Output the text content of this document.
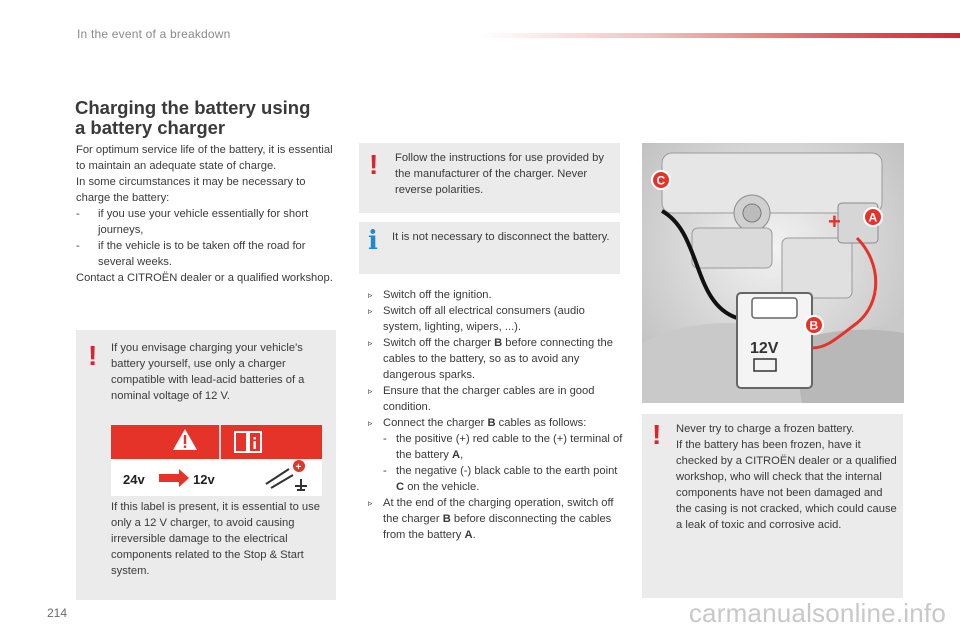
In the event of a breakdown
Charging the battery using
a battery charger

For optimum service life of the battery, it is essential to maintain an adequate state of charge.

In some circumstances it may be necessary to charge the battery:

-	if you use your vehicle essentially for short journeys,
-	if the vehicle is to be taken off the road for several weeks.

Contact a CITROËN dealer or a qualified workshop.

! If you envisage charging your vehicle's battery yourself, use only a charger compatible with lead-acid batteries of a nominal voltage of 12 V.
24v	12v
+
If this label is present, it is essential to use only a 12 V charger, to avoid causing irreversible damage to the electrical components related to the Stop & Start system.
! Follow the instructions for use provided by the manufacturer of the charger. Never reverse polarities.
i It is not necessary to disconnect the battery.
▹ Switch off the ignition.
▹ Switch off all electrical consumers (audio system, lighting, wipers, ...).
▹ Switch off the charger B before connecting the cables to the battery, so as to avoid any dangerous sparks.
▹ Ensure that the charger cables are in good condition.
▹ Connect the charger B cables as follows:
- the positive (+) red cable to the (+) terminal of the battery A,
- the negative (-) black cable to the earth point C on the vehicle.
▹ At the end of the charging operation, switch off the charger B before disconnecting the cables from the battery A.
12V
+
C
A
B
! Never try to charge a frozen battery.
If the battery has been frozen, have it checked by a CITROËN dealer or a qualified workshop, who will check that the internal components have not been damaged and the casing is not cracked, which could cause a leak of toxic and corrosive acid.
214	carmanualsonline.info
